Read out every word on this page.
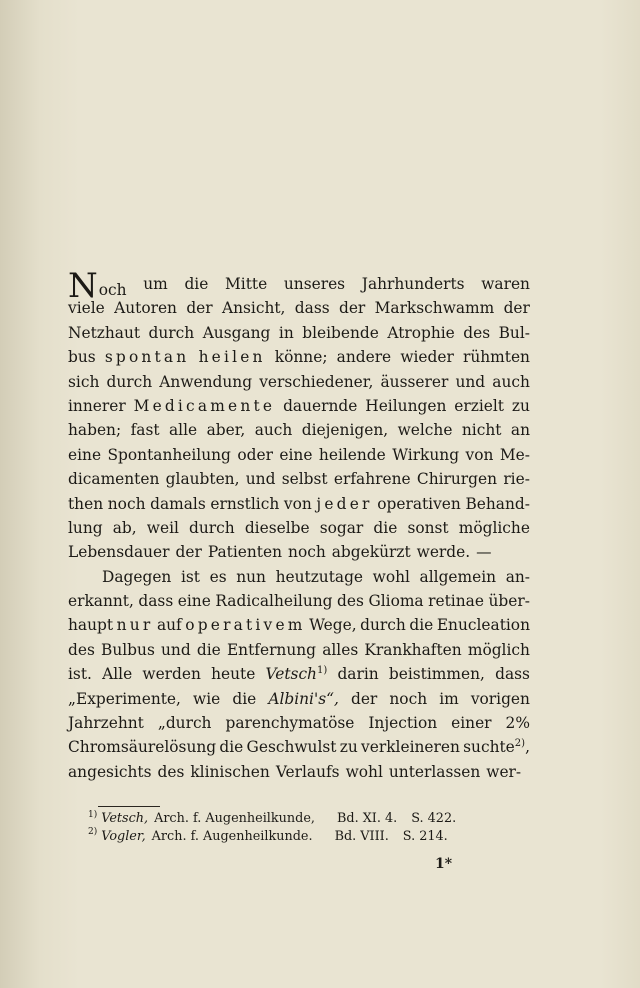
Noch um die Mitte unseres Jahrhunderts waren
viele Autoren der Ansicht, dass der Markschwamm der
Netzhaut durch Ausgang in bleibende Atrophie des Bul-
bus spontan heilen könne; andere wieder rühmten
sich durch Anwendung verschiedener, äusserer und auch
innerer Medicamente dauernde Heilungen erzielt zu
haben; fast alle aber, auch diejenigen, welche nicht an
eine Spontanheilung oder eine heilende Wirkung von Me-
dicamenten glaubten, und selbst erfahrene Chirurgen rie-
then noch damals ernstlich von jeder operativen Behand-
lung ab, weil durch dieselbe sogar die sonst mögliche
Lebensdauer der Patienten noch abgekürzt werde. —
Dagegen ist es nun heutzutage wohl allgemein an-
erkannt, dass eine Radicalheilung des Glioma retinae über-
haupt nur auf operativem Wege, durch die Enucleation
des Bulbus und die Entfernung alles Krankhaften möglich
ist. Alle werden heute Vetsch$^{1)}$ darin beistimmen, dass
„Experimente, wie die Albini's“, der noch im vorigen
Jahrzehnt „durch parenchymatöse Injection einer 2%
Chromsäurelösung die Geschwulst zu verkleineren suchte$^{2)}$,
angesichts des klinischen Verlaufs wohl unterlassen wer-
$^{1)}$ Vetsch, Arch. f. Augenheilkunde, Bd. XI. 4. S. 422.
$^{2)}$ Vogler, Arch. f. Augenheilkunde. Bd. VIII. S. 214.
1*
